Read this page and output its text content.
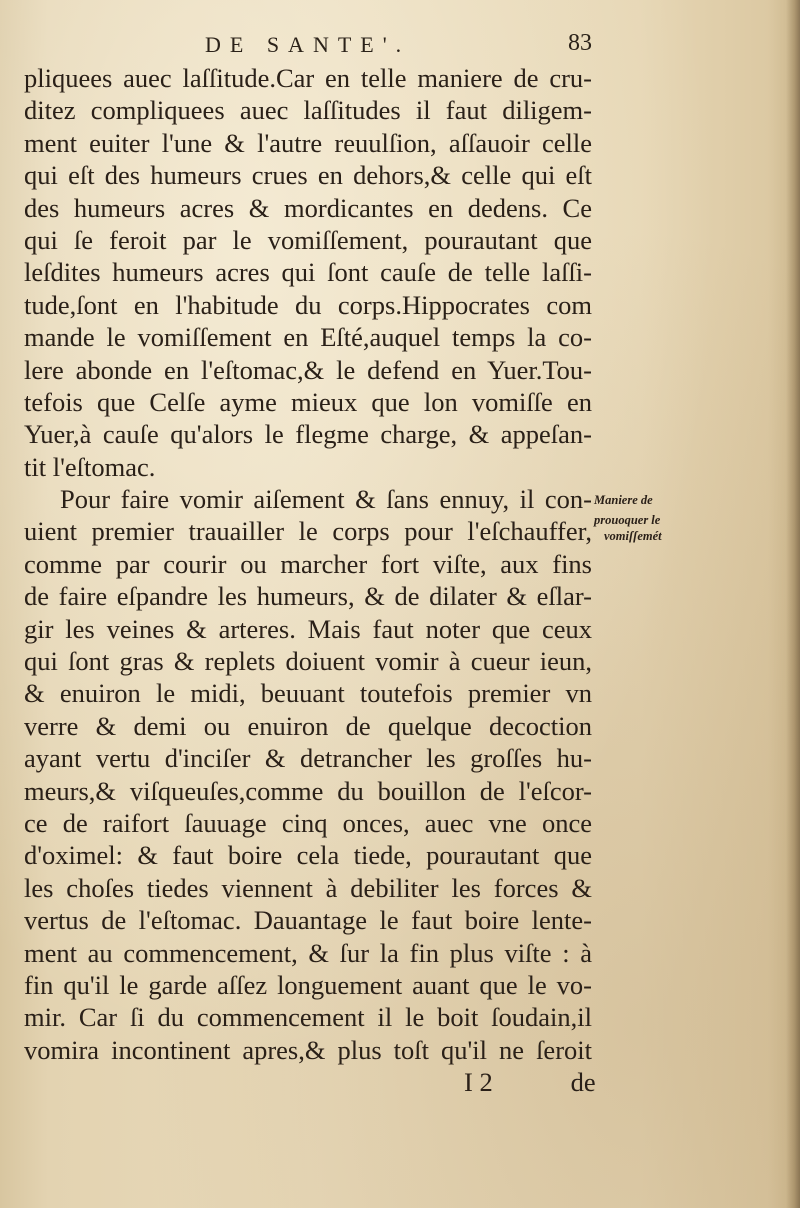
DE SANTE'.	83
pliquees auec laſſitude.Car en telle maniere de cru-
ditez compliquees auec laſſitudes il faut diligem-
ment euiter l'une & l'autre reuulſion, aſſauoir celle
qui eſt des humeurs crues en dehors,& celle qui eſt
des humeurs acres & mordicantes en dedens. Ce
qui ſe feroit par le vomiſſement, pourautant que
leſdites humeurs acres qui ſont cauſe de telle laſſi-
tude,ſont en l'habitude du corps.Hippocrates com
mande le vomiſſement en Eſté,auquel temps la co-
lere abonde en l'eſtomac,& le defend en Yuer.Tou-
tefois que Celſe ayme mieux que lon vomiſſe en
Yuer,à cauſe qu'alors le flegme charge, & appeſan-
tit l'eſtomac.
Pour faire vomir aiſement & ſans ennuy, il con-
uient premier trauailler le corps pour l'eſchauffer,
comme par courir ou marcher fort viſte, aux fins
de faire eſpandre les humeurs, & de dilater & eſlar-
gir les veines & arteres. Mais faut noter que ceux
qui ſont gras & replets doiuent vomir à cueur ieun,
& enuiron le midi, beuuant toutefois premier vn
verre & demi ou enuiron de quelque decoction
ayant vertu d'inciſer & detrancher les groſſes hu-
meurs,& viſqueuſes,comme du bouillon de l'eſcor-
ce de raifort ſauuage cinq onces, auec vne once
d'oximel: & faut boire cela tiede, pourautant que
les choſes tiedes viennent à debiliter les forces &
vertus de l'eſtomac. Dauantage le faut boire lente-
ment au commencement, & ſur la fin plus viſte : à
fin qu'il le garde aſſez longuement auant que le vo-
mir. Car ſi du commencement il le boit ſoudain,il
vomira incontinent apres,& plus toſt qu'il ne ſeroit
I 2	de
Maniere de
prouoquer le
vomiſſemét
